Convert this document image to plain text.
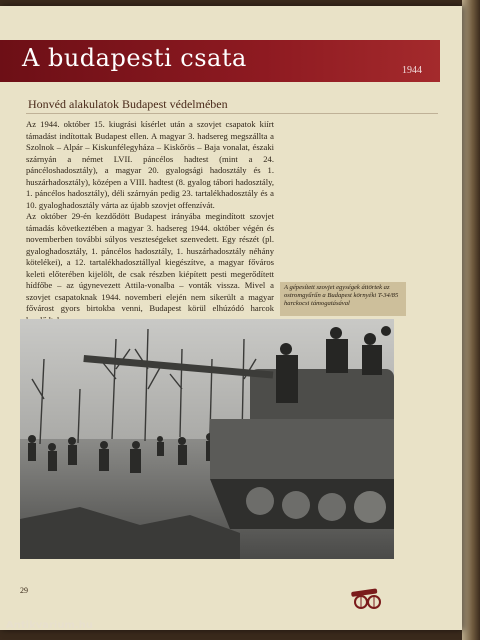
A budapesti csata	1944
Honvéd alakulatok Budapest védelmében

Az 1944. október 15. kiugrási kísérlet után a szovjet csapatok kiírt támadást indítottak Budapest ellen. A magyar 3. hadsereg megszállta a Szolnok – Alpár – Kiskunfélegyháza – Kiskőrös – Baja vonalat, északi szárnyán a német LVII. páncélos hadtest (mint a 24. páncéloshadosztály), a magyar 20. gyalogsági hadosztály és 1. huszárhadosztály), középen a VIII. hadtest (8. gyalog tábori hadosztály, 1. páncélos hadosztály), déli szárnyán pedig 23. tartalékhadosztály és a 10. gyaloghadosztály várta az újabb szovjet offenzívát.

Az október 29-én kezdődött Budapest irányába megindított szovjet támadás következtében a magyar 3. hadsereg 1944. október végén és novemberben további súlyos veszteségeket szenvedett. Egy részét (pl. gyaloghadosztály, 1. páncélos hadosztály, 1. huszárhadosztály néhány kötelékei), a 12. tartalékhadosztállyal kiegészítve, a magyar főváros keleti előterében kijelölt, de csak részben kiépített pesti megerődített hídfőbe – az úgynevezett Attila-vonalba – vonták vissza. Mivel a szovjet csapatoknak 1944. novemberi elején nem sikerült a magyar fővárost gyors birtokba venni, Budapest körül elhúzódó harcok

A gépesített szovjet egységek áttörtek az ostromgyűrűn a Budapest környéki T-34/85 harckocsi támogatásával
29
Antikvarium.hu
